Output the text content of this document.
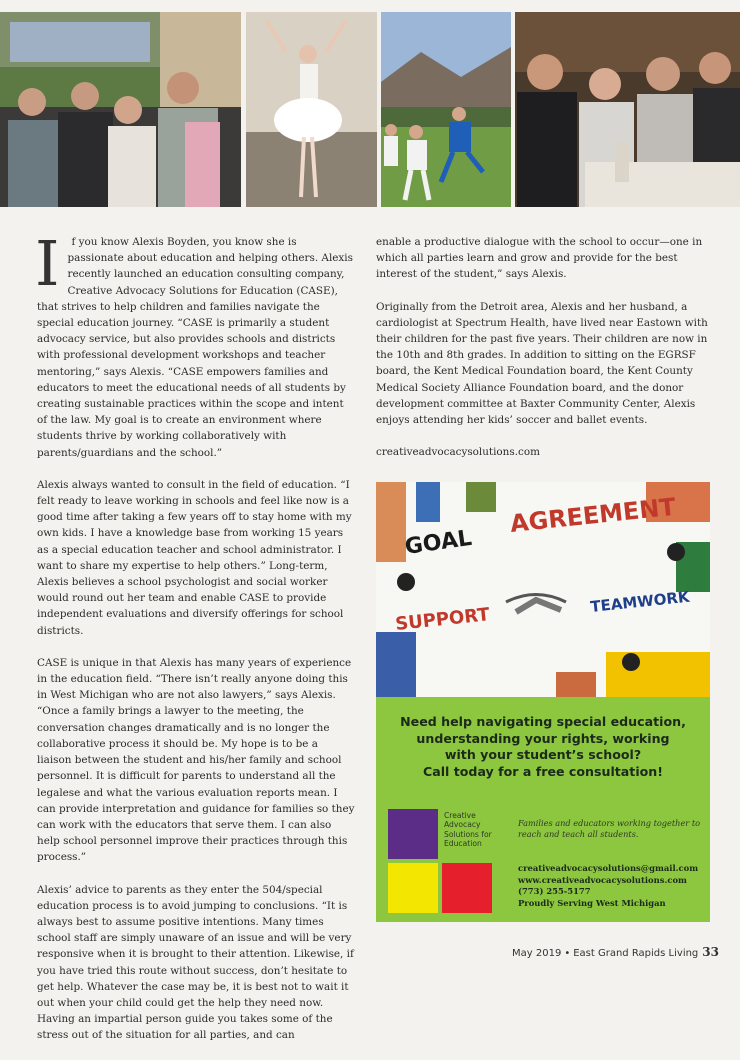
I f you know Alexis Boyden, you know she is passionate about education and helping others. Alexis recently launched an education consulting company, Creative Advocacy Solutions for Education (CASE), that strives to help children and families navigate the special education journey. “CASE is primarily a student advocacy service, but also provides schools and districts with professional development workshops and teacher mentoring,” says Alexis. “CASE empowers families and educators to meet the educational needs of all students by creating sustainable practices within the scope and intent of the law. My goal is to create an environment where students thrive by working collaboratively with parents/guardians and the school.”

Alexis always wanted to consult in the field of education. “I felt ready to leave working in schools and feel like now is a good time after taking a few years off to stay home with my own kids. I have a knowledge base from working 15 years as a special education teacher and school administrator. I want to share my expertise to help others.” Long-term, Alexis believes a school psychologist and social worker would round out her team and enable CASE to provide independent evaluations and diversify offerings for school districts.

CASE is unique in that Alexis has many years of experience in the education field. “There isn’t really anyone doing this in West Michigan who are not also lawyers,” says Alexis. “Once a family brings a lawyer to the meeting, the conversation changes dramatically and is no longer the collaborative process it should be. My hope is to be a liaison between the student and his/her family and school personnel. It is difficult for parents to understand all the legalese and what the various evaluation reports mean. I can provide interpretation and guidance for families so they can work with the educators that serve them. I can also help school personnel improve their practices through this process.”

Alexis’ advice to parents as they enter the 504/special education process is to avoid jumping to conclusions. “It is always best to assume positive intentions. Many times school staff are simply unaware of an issue and will be very responsive when it is brought to their attention. Likewise, if you have tried this route without success, don’t hesitate to get help. Whatever the case may be, it is best not to wait it out when your child could get the help they need now. Having an impartial person guide you takes some of the stress out of the situation for all parties, and can

enable a productive dialogue with the school to occur—one in which all parties learn and grow and provide for the best interest of the student,” says Alexis.

Originally from the Detroit area, Alexis and her husband, a cardiologist at Spectrum Health, have lived near Eastown with their children for the past five years. Their children are now in the 10th and 8th grades. In addition to sitting on the EGRSF board, the Kent Medical Foundation board, the Kent County Medical Society Alliance Foundation board, and the donor development committee at Baxter Community Center, Alexis enjoys attending her kids’ soccer and ballet events.

creativeadvocacysolutions.com

GOAL
AGREEMENT
TEAMWORK
SUPPORT
Need help navigating special education,
understanding your rights, working
with your student’s school?
Call today for a free consultation!
Creative
Advocacy
Solutions for
Education
Families and educators working together to reach and teach all students.
creativeadvocacysolutions@gmail.com
www.creativeadvocacysolutions.com
(773) 255-5177
Proudly Serving West Michigan
May 2019 • East Grand Rapids Living 33
